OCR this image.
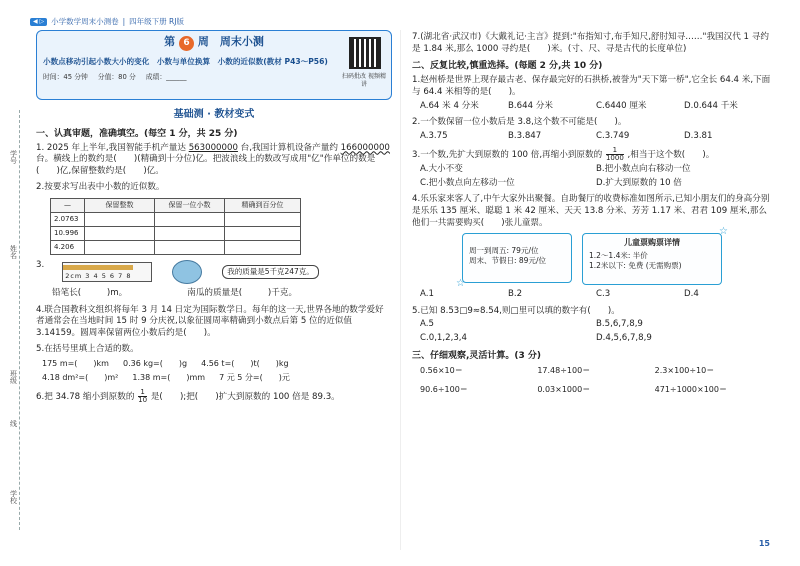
◀ ▷ 小学数学周末小测卷 | 四年级下册 RJ版
学号
姓名
班级
线
学校
第 6 周　周末小测
小数点移动引起小数大小的变化　小数与单位换算　小数的近似数(教材 P43～P56)
时间：45 分钟 分值：80 分 成绩：______	扫码批改 视频精讲
基础测 · 教材变式
一、认真审题，准确填空。(每空 1 分，共 25 分)
1. 2025 年上半年,我国智能手机产量达 563000000 台,我国计算机设备产量约 166000000 台。横线上的数约是(　　)(精确到十分位)亿。把波浪线上的数改写成用"亿"作单位的数是(　　)亿,保留整数约是(　　)亿。
2.按要求写出表中小数的近似数。
—	保留整数	保留一位小数	精确到百分位
2.0763			
10.996			
4.206			
3.
2cm 3 4 5 6 7 8
我的质量是5千克247克。
铅笔长(　　　)m。	南瓜的质量是(　　　)千克。
4.联合国教科文组织将每年 3 月 14 日定为国际数学日。每年的这一天,世界各地的数学爱好者通常会在当地时间 15 时 9 分庆祝,以象征圆周率精确到小数点后第 5 位的近似值 3.14159。圆周率保留两位小数后约是(　　)。
5.在括号里填上合适的数。
175 m=(　　)km 0.36 kg=(　　)g 4.56 t=(　　)t(　　)kg
4.18 dm²=(　　)m² 1.38 m=(　　)mm 7 元 5 分=(　　)元
6.把 34.78 缩小到原数的 $\frac{1}{10}$ 是(　　);把(　　)扩大到原数的 100 倍是 89.3。
7.(湖北省·武汉市)《大戴礼记·主言》提到:"布指知寸,布手知尺,舒肘知寻……"我国汉代 1 寻约是 1.84 米,那么 1000 寻约是(　　)米。(寸、尺、寻是古代的长度单位)
二、反复比较,慎重选择。(每题 2 分,共 10 分)
1.赵州桥是世界上现存最古老、保存最完好的石拱桥,被誉为"天下第一桥",它全长 64.4 米,下面与 64.4 米相等的是(　　)。
A.64 米 4 分米	B.644 分米	C.6440 厘米	D.0.644 千米
2.一个数保留一位小数后是 3.8,这个数不可能是(　　)。
A.3.75	B.3.847	C.3.749	D.3.81
3.一个数,先扩大到原数的 100 倍,再缩小到原数的 $\frac{1}{1000}$ ,相当于这个数(　　)。
A.大小不变	B.把小数点向右移动一位
C.把小数点向左移动一位	D.扩大到原数的 10 倍
4.乐乐家来客人了,中午大家外出聚餐。自助餐厅的收费标准如图所示,已知小朋友们的身高分别是乐乐 135 厘米、聪聪 1 米 42 厘米、天天 13.8 分米、芳芳 1.17 米、君君 109 厘米,那么他们一共需要购买(　　)张儿童票。
☆
周一到周五: 79元/位
周末、节假日: 89元/位
☆
儿童票购票详情
1.2～1.4米: 半价
1.2米以下: 免费 (无需购票)
A.1	B.2	C.3	D.4
5.已知 8.53□9≈8.54,则□里可以填的数字有(　　)。
A.5	B.5,6,7,8,9
C.0,1,2,3,4	D.4,5,6,7,8,9
三、仔细观察,灵活计算。(3 分)
0.56×10＝	17.48÷100＝	2.3×100÷10＝
90.6÷100＝	0.03×1000＝	471÷1000×100＝
15
